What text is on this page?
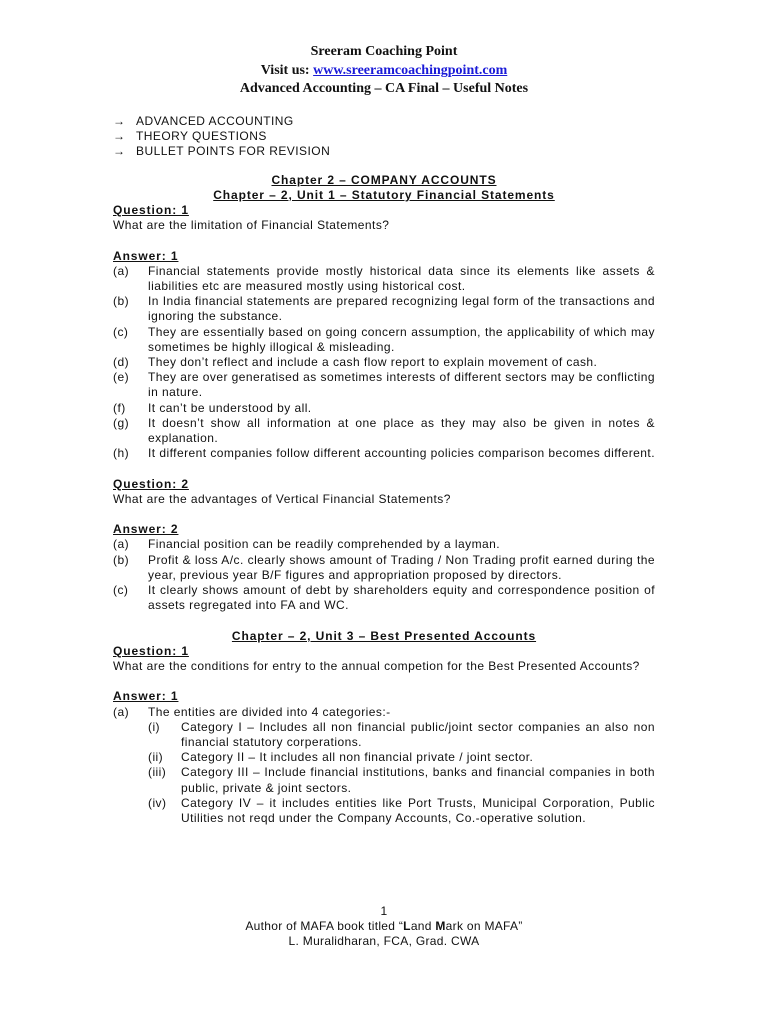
Sreeram Coaching Point
Visit us: www.sreeramcoachingpoint.com
Advanced Accounting – CA Final – Useful Notes
→ ADVANCED ACCOUNTING
→ THEORY QUESTIONS
→ BULLET POINTS FOR REVISION
Chapter 2 – COMPANY ACCOUNTS
Chapter – 2, Unit 1 – Statutory Financial Statements
Question: 1
What are the limitation of Financial Statements?
Answer: 1
(a) Financial statements provide mostly historical data since its elements like assets & liabilities etc are measured mostly using historical cost.
(b) In India financial statements are prepared recognizing legal form of the transactions and ignoring the substance.
(c) They are essentially based on going concern assumption, the applicability of which may sometimes be highly illogical & misleading.
(d) They don’t reflect and include a cash flow report to explain movement of cash.
(e) They are over generatised as sometimes interests of different sectors may be conflicting in nature.
(f) It can’t be understood by all.
(g) It doesn’t show all information at one place as they may also be given in notes & explanation.
(h) It different companies follow different accounting policies comparison becomes different.
Question: 2
What are the advantages of Vertical Financial Statements?
Answer: 2
(a) Financial position can be readily comprehended by a layman.
(b) Profit & loss A/c. clearly shows amount of Trading / Non Trading profit earned during the year, previous year B/F figures and appropriation proposed by directors.
(c) It clearly shows amount of debt by shareholders equity and correspondence position of assets regregated into FA and WC.
Chapter – 2, Unit 3 – Best Presented Accounts
Question: 1
What are the conditions for entry to the annual competion for the Best Presented Accounts?
Answer: 1
(a) The entities are divided into 4 categories:-
(i) Category I – Includes all non financial public/joint sector companies an also non financial statutory corperations.
(ii) Category II – It includes all non financial private / joint sector.
(iii) Category III – Include financial institutions, banks and financial companies in both public, private & joint sectors.
(iv) Category IV – it includes entities like Port Trusts, Municipal Corporation, Public Utilities not reqd under the Company Accounts, Co.-operative solution.
1
Author of MAFA book titled “Land Mark on MAFA”
L. Muralidharan, FCA, Grad. CWA
